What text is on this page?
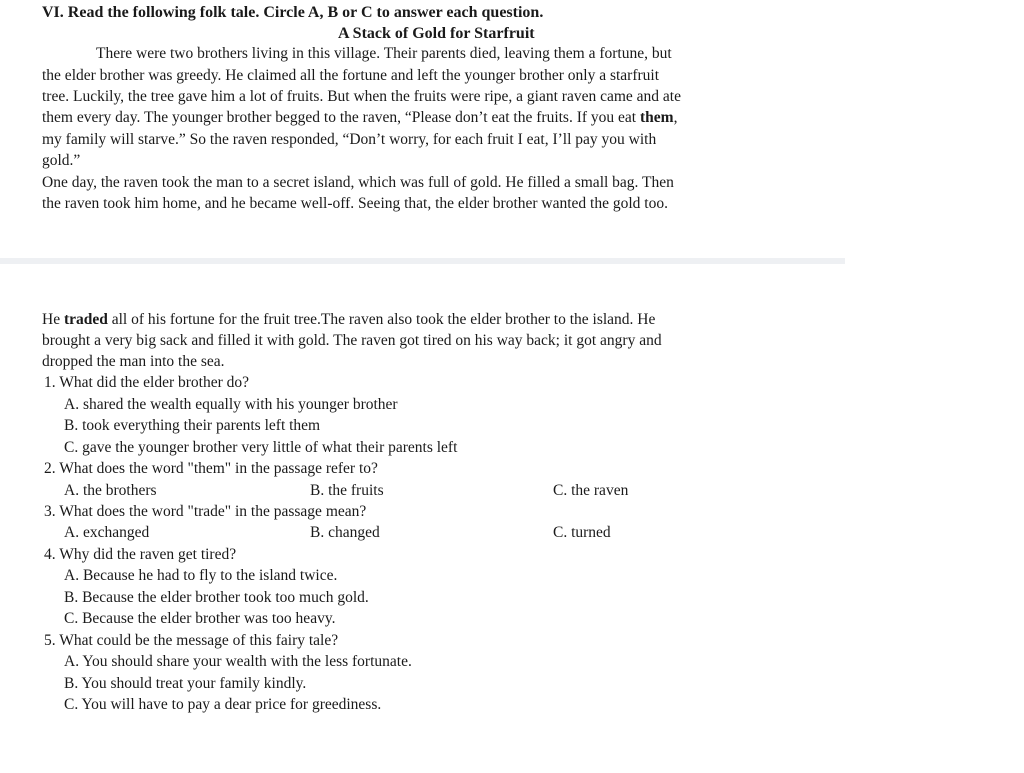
VI. Read the following folk tale. Circle A, B or C to answer each question.
A Stack of Gold for Starfruit
There were two brothers living in this village. Their parents died, leaving them a fortune, but
the elder brother was greedy. He claimed all the fortune and left the younger brother only a starfruit
tree. Luckily, the tree gave him a lot of fruits. But when the fruits were ripe, a giant raven came and ate
them every day. The younger brother begged to the raven, “Please don’t eat the fruits. If you eat them,
my family will starve.” So the raven responded, “Don’t worry, for each fruit I eat, I’ll pay you with
gold.”
One day, the raven took the man to a secret island, which was full of gold. He filled a small bag. Then
the raven took him home, and he became well-off. Seeing that, the elder brother wanted the gold too.
He traded all of his fortune for the fruit tree.The raven also took the elder brother to the island. He
brought a very big sack and filled it with gold. The raven got tired on his way back; it got angry and
dropped the man into the sea.
1. What did the elder brother do?
A. shared the wealth equally with his younger brother
B. took everything their parents left them
C. gave the younger brother very little of what their parents left
2. What does the word "them" in the passage refer to?
A. the brothers	B. the fruits	C. the raven
3. What does the word "trade" in the passage mean?
A. exchanged	B. changed	C. turned
4. Why did the raven get tired?
A. Because he had to fly to the island twice.
B. Because the elder brother took too much gold.
C. Because the elder brother was too heavy.
5. What could be the message of this fairy tale?
A. You should share your wealth with the less fortunate.
B. You should treat your family kindly.
C. You will have to pay a dear price for greediness.
